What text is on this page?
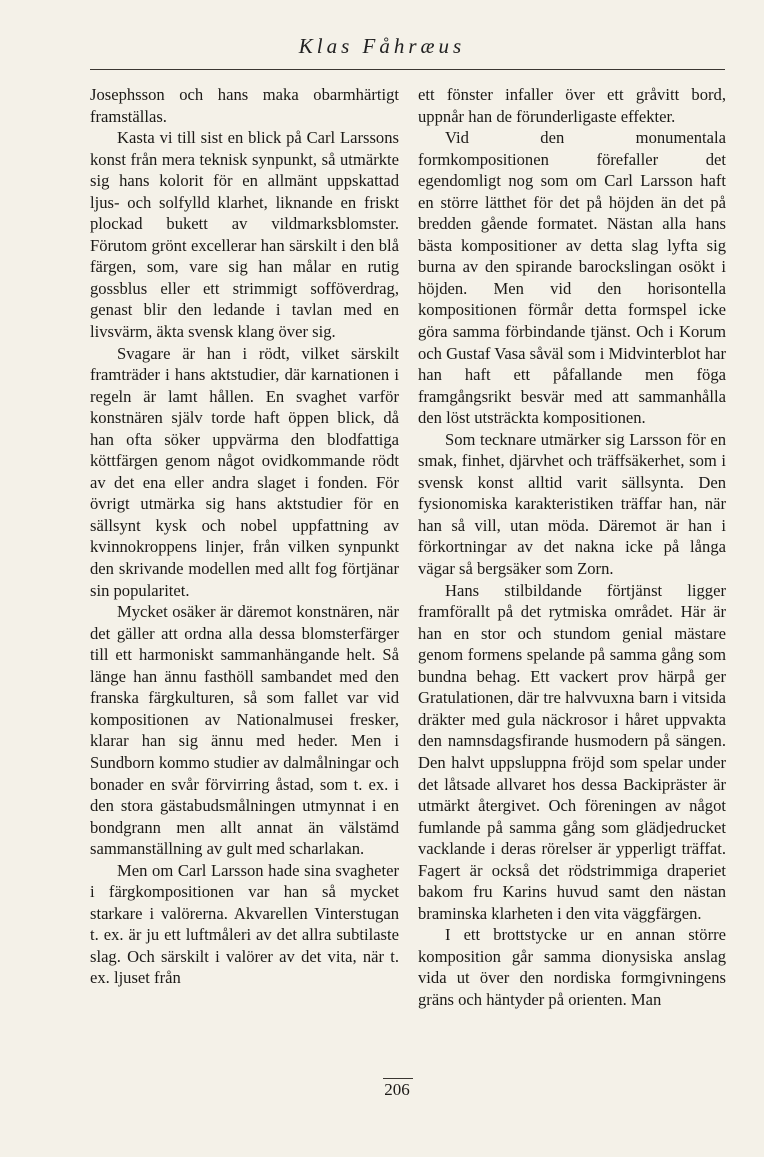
Klas Fåhræus

Josephsson och hans maka obarmhärtigt framställas.

Kasta vi till sist en blick på Carl Larssons konst från mera teknisk synpunkt, så utmärkte sig hans kolorit för en allmänt uppskattad ljus- och solfylld klarhet, liknande en friskt plockad bukett av vildmarksblomster. Förutom grönt excellerar han särskilt i den blå färgen, som, vare sig han målar en rutig gossblus eller ett strimmigt sofföverdrag, genast blir den ledande i tavlan med en livsvärm, äkta svensk klang över sig.

Svagare är han i rödt, vilket särskilt framträder i hans aktstudier, där karnationen i regeln är lamt hållen. En svaghet varför konstnären själv torde haft öppen blick, då han ofta söker uppvärma den blodfattiga köttfärgen genom något ovidkommande rödt av det ena eller andra slaget i fonden. För övrigt utmärka sig hans aktstudier för en sällsynt kysk och nobel uppfattning av kvinnokroppens linjer, från vilken synpunkt den skrivande modellen med allt fog förtjänar sin popularitet.

Mycket osäker är däremot konstnären, när det gäller att ordna alla dessa blomsterfärger till ett harmoniskt sammanhängande helt. Så länge han ännu fasthöll sambandet med den franska färgkulturen, så som fallet var vid kompositionen av Nationalmusei fresker, klarar han sig ännu med heder. Men i Sundborn kommo studier av dalmålningar och bonader en svår förvirring åstad, som t. ex. i den stora gästabudsmålningen utmynnat i en bondgrann men allt annat än välstämd sammanställning av gult med scharlakan.

Men om Carl Larsson hade sina svagheter i färgkompositionen var han så mycket starkare i valörerna. Akvarellen Vinterstugan t. ex. är ju ett luftmåleri av det allra subtilaste slag. Och särskilt i valörer av det vita, när t. ex. ljuset från

ett fönster infaller över ett gråvitt bord, uppnår han de förunderligaste effekter.

Vid den monumentala formkompositionen förefaller det egendomligt nog som om Carl Larsson haft en större lätthet för det på höjden än det på bredden gående formatet. Nästan alla hans bästa kompositioner av detta slag lyfta sig burna av den spirande barockslingan osökt i höjden. Men vid den horisontella kompositionen förmår detta formspel icke göra samma förbindande tjänst. Och i Korum och Gustaf Vasa såväl som i Midvinterblot har han haft ett påfallande men föga framgångsrikt besvär med att sammanhålla den löst utsträckta kompositionen.

Som tecknare utmärker sig Larsson för en smak, finhet, djärvhet och träffsäkerhet, som i svensk konst alltid varit sällsynta. Den fysionomiska karakteristiken träffar han, när han så vill, utan möda. Däremot är han i förkortningar av det nakna icke på långa vägar så bergsäker som Zorn.

Hans stilbildande förtjänst ligger framförallt på det rytmiska området. Här är han en stor och stundom genial mästare genom formens spelande på samma gång som bundna behag. Ett vackert prov härpå ger Gratulationen, där tre halvvuxna barn i vitsida dräkter med gula näckrosor i håret uppvakta den namnsdagsfirande husmodern på sängen. Den halvt uppsluppna fröjd som spelar under det låtsade allvaret hos dessa Backipräster är utmärkt återgivet. Och föreningen av något fumlande på samma gång som glädjedrucket vacklande i deras rörelser är ypperligt träffat. Fagert är också det rödstrimmiga draperiet bakom fru Karins huvud samt den nästan braminska klarheten i den vita väggfärgen.

I ett brottstycke ur en annan större komposition går samma dionysiska anslag vida ut över den nordiska formgivningens gräns och häntyder på orienten. Man

206
